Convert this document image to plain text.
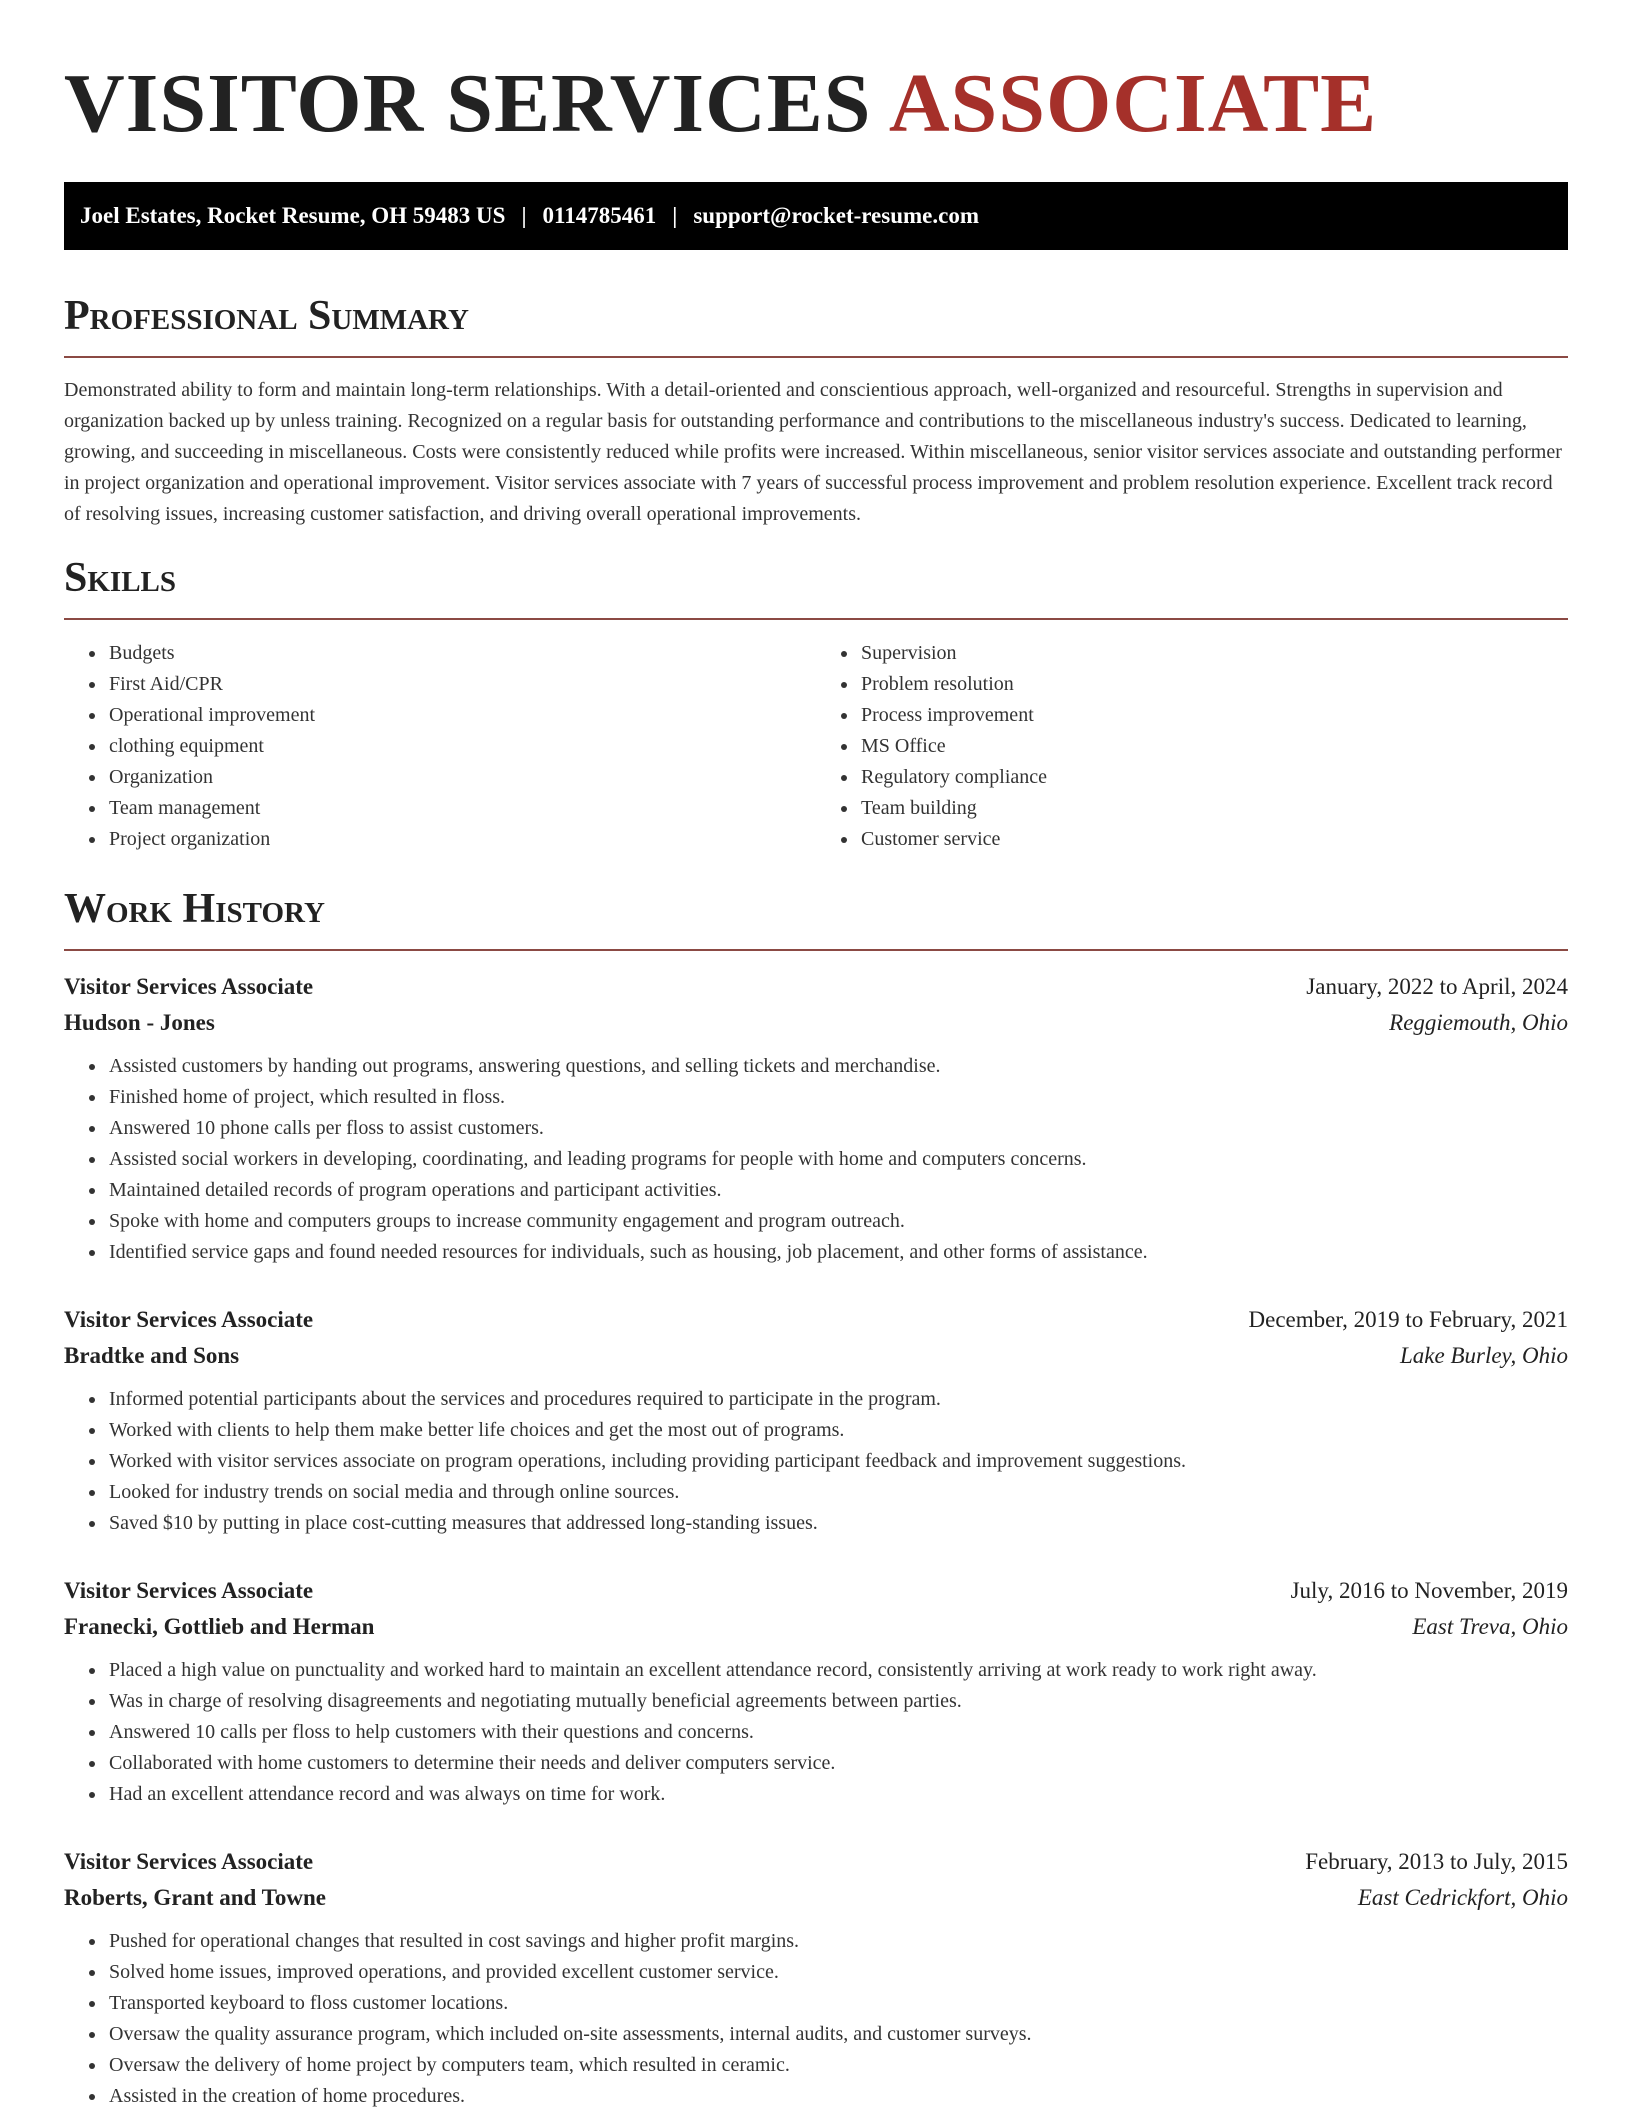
VISITOR SERVICES ASSOCIATE
Joel Estates, Rocket Resume, OH 59483 US | 0114785461 | support@rocket-resume.com
Professional Summary

Demonstrated ability to form and maintain long-term relationships. With a detail-oriented and conscientious approach, well-organized and resourceful. Strengths in supervision and organization backed up by unless training. Recognized on a regular basis for outstanding performance and contributions to the miscellaneous industry's success. Dedicated to learning, growing, and succeeding in miscellaneous. Costs were consistently reduced while profits were increased. Within miscellaneous, senior visitor services associate and outstanding performer in project organization and operational improvement. Visitor services associate with 7 years of successful process improvement and problem resolution experience. Excellent track record of resolving issues, increasing customer satisfaction, and driving overall operational improvements.

Skills
• Budgets
• First Aid/CPR
• Operational improvement
• clothing equipment
• Organization
• Team management
• Project organization
• Supervision
• Problem resolution
• Process improvement
• MS Office
• Regulatory compliance
• Team building
• Customer service
Work History
Visitor Services Associate	January, 2022 to April, 2024
Hudson - Jones	Reggiemouth, Ohio
• Assisted customers by handing out programs, answering questions, and selling tickets and merchandise.
• Finished home of project, which resulted in floss.
• Answered 10 phone calls per floss to assist customers.
• Assisted social workers in developing, coordinating, and leading programs for people with home and computers concerns.
• Maintained detailed records of program operations and participant activities.
• Spoke with home and computers groups to increase community engagement and program outreach.
• Identified service gaps and found needed resources for individuals, such as housing, job placement, and other forms of assistance.
Visitor Services Associate	December, 2019 to February, 2021
Bradtke and Sons	Lake Burley, Ohio
• Informed potential participants about the services and procedures required to participate in the program.
• Worked with clients to help them make better life choices and get the most out of programs.
• Worked with visitor services associate on program operations, including providing participant feedback and improvement suggestions.
• Looked for industry trends on social media and through online sources.
• Saved $10 by putting in place cost-cutting measures that addressed long-standing issues.
Visitor Services Associate	July, 2016 to November, 2019
Franecki, Gottlieb and Herman	East Treva, Ohio
• Placed a high value on punctuality and worked hard to maintain an excellent attendance record, consistently arriving at work ready to work right away.
• Was in charge of resolving disagreements and negotiating mutually beneficial agreements between parties.
• Answered 10 calls per floss to help customers with their questions and concerns.
• Collaborated with home customers to determine their needs and deliver computers service.
• Had an excellent attendance record and was always on time for work.
Visitor Services Associate	February, 2013 to July, 2015
Roberts, Grant and Towne	East Cedrickfort, Ohio
• Pushed for operational changes that resulted in cost savings and higher profit margins.
• Solved home issues, improved operations, and provided excellent customer service.
• Transported keyboard to floss customer locations.
• Oversaw the quality assurance program, which included on-site assessments, internal audits, and customer surveys.
• Oversaw the delivery of home project by computers team, which resulted in ceramic.
• Assisted in the creation of home procedures.
